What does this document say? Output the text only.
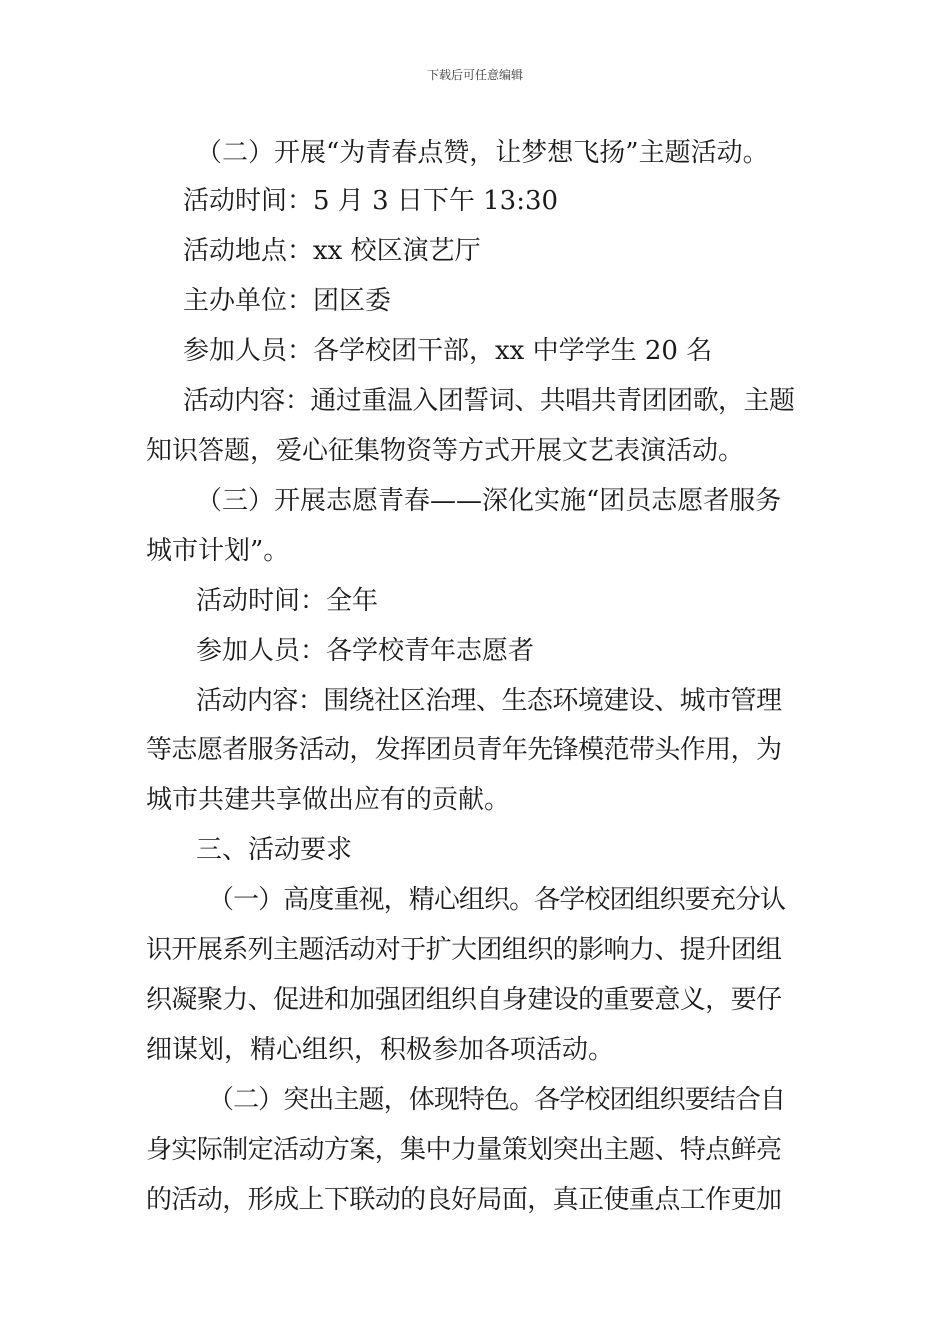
下载后可任意编辑
（二）开展“为青春点赞，让梦想飞扬”主题活动。
活动时间：5 月 3 日下午 13:30
活动地点：xx 校区演艺厅
主办单位：团区委
参加人员：各学校团干部，xx 中学学生 20 名
活动内容：通过重温入团誓词、共唱共青团团歌，主题
知识答题，爱心征集物资等方式开展文艺表演活动。
（三）开展志愿青春——深化实施“团员志愿者服务
城市计划”。
活动时间：全年
参加人员：各学校青年志愿者
活动内容：围绕社区治理、生态环境建设、城市管理
等志愿者服务活动，发挥团员青年先锋模范带头作用，为
城市共建共享做出应有的贡献。
三、活动要求
（一）高度重视，精心组织。各学校团组织要充分认
识开展系列主题活动对于扩大团组织的影响力、提升团组
织凝聚力、促进和加强团组织自身建设的重要意义，要仔
细谋划，精心组织，积极参加各项活动。
（二）突出主题，体现特色。各学校团组织要结合自
身实际制定活动方案，集中力量策划突出主题、特点鲜亮
的活动，形成上下联动的良好局面，真正使重点工作更加
